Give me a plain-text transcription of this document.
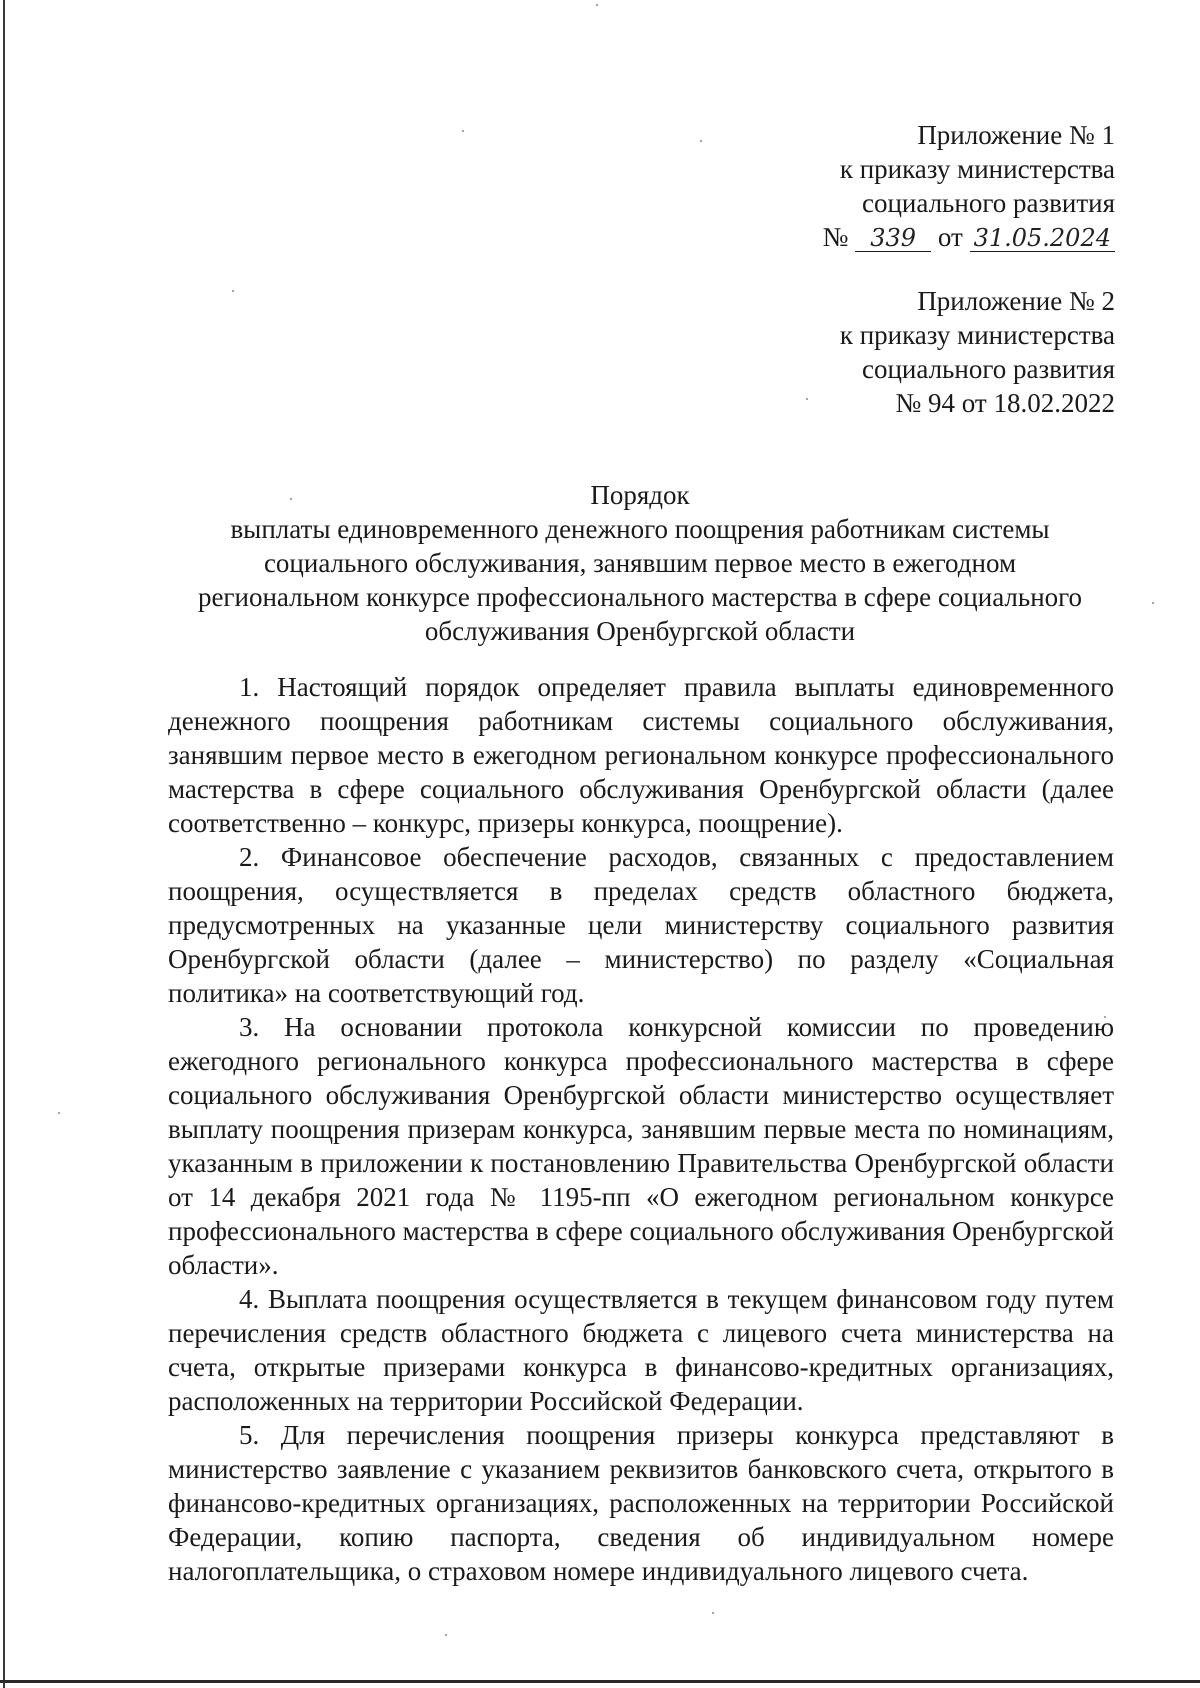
Приложение № 1
к приказу министерства
социального развития
№ 339 от 31.05.2024
Приложение № 2
к приказу министерства
социального развития
№ 94 от 18.02.2022
Порядок
выплаты единовременного денежного поощрения работникам системы
социального обслуживания, занявшим первое место в ежегодном
региональном конкурсе профессионального мастерства в сфере социального
обслуживания Оренбургской области

1. Настоящий порядок определяет правила выплаты единовременного денежного поощрения работникам системы социального обслуживания, занявшим первое место в ежегодном региональном конкурсе профессионального мастерства в сфере социального обслуживания Оренбургской области (далее соответственно – конкурс, призеры конкурса, поощрение).

2. Финансовое обеспечение расходов, связанных с предоставлением поощрения, осуществляется в пределах средств областного бюджета, предусмотренных на указанные цели министерству социального развития Оренбургской области (далее – министерство) по разделу «Социальная политика» на соответствующий год.

3. На основании протокола конкурсной комиссии по проведению ежегодного регионального конкурса профессионального мастерства в сфере социального обслуживания Оренбургской области министерство осуществляет выплату поощрения призерам конкурса, занявшим первые места по номинациям, указанным в приложении к постановлению Правительства Оренбургской области от 14 декабря 2021 года № 1195-пп «О ежегодном региональном конкурсе профессионального мастерства в сфере социального обслуживания Оренбургской области».

4. Выплата поощрения осуществляется в текущем финансовом году путем перечисления средств областного бюджета с лицевого счета министерства на счета, открытые призерами конкурса в финансово-кредитных организациях, расположенных на территории Российской Федерации.

5. Для перечисления поощрения призеры конкурса представляют в министерство заявление с указанием реквизитов банковского счета, открытого в финансово-кредитных организациях, расположенных на территории Российской Федерации, копию паспорта, сведения об индивидуальном номере налогоплательщика, о страховом номере индивидуального лицевого счета.
